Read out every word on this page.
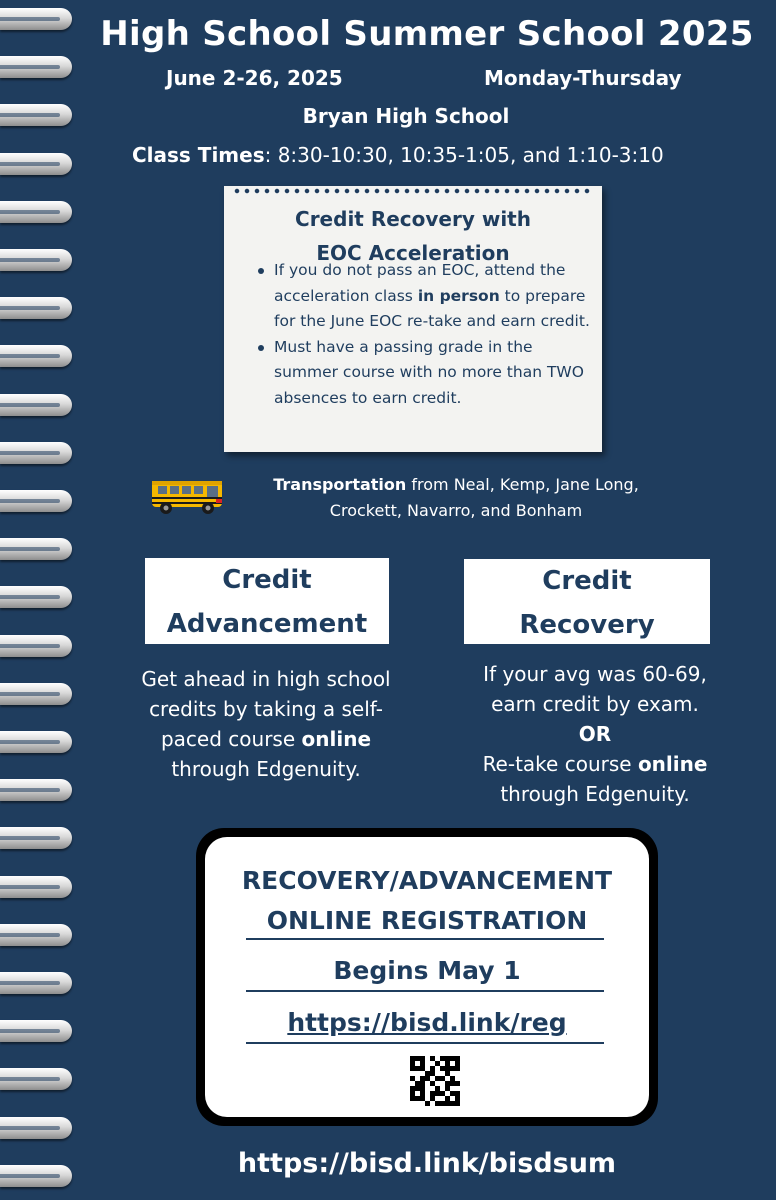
High School Summer School 2025
June 2-26, 2025	Monday-Thursday
Bryan High School
Class Times: 8:30-10:30, 10:35-1:05, and 1:10-3:10
Credit Recovery with
EOC Acceleration
If you do not pass an EOC, attend the acceleration class in person to prepare for the June EOC re-take and earn credit.
Must have a passing grade in the summer course with no more than TWO absences to earn credit.
Transportation from Neal, Kemp, Jane Long,
Crockett, Navarro, and Bonham
Credit
Advancement
Get ahead in high school
credits by taking a self-
paced course online
through Edgenuity.
Credit
Recovery
If your avg was 60-69,
earn credit by exam.
OR
Re-take course online
through Edgenuity.
RECOVERY/ADVANCEMENT
ONLINE REGISTRATION
Begins May 1
https://bisd.link/reg
https://bisd.link/bisdsum
